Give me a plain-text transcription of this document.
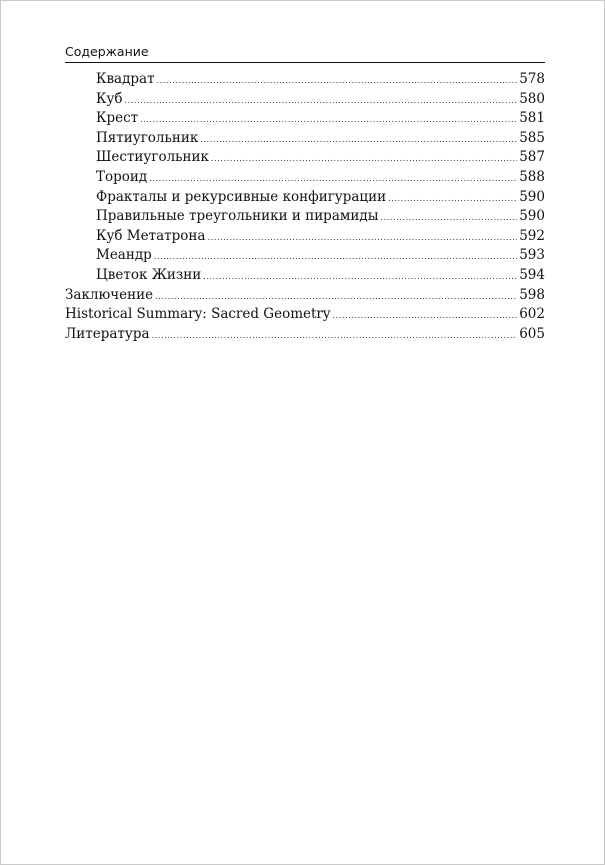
Содержание
Квадрат .....	578
Куб .....	580
Крест .....	581
Пятиугольник .....	585
Шестиугольник .....	587
Тороид .....	588
Фракталы и рекурсивные конфигурации .....	590
Правильные треугольники и пирамиды .....	590
Куб Метатрона .....	592
Меандр .....	593
Цветок Жизни .....	594
Заключение .....	598
Historical Summary: Sacred Geometry .....	602
Литература .....	605
